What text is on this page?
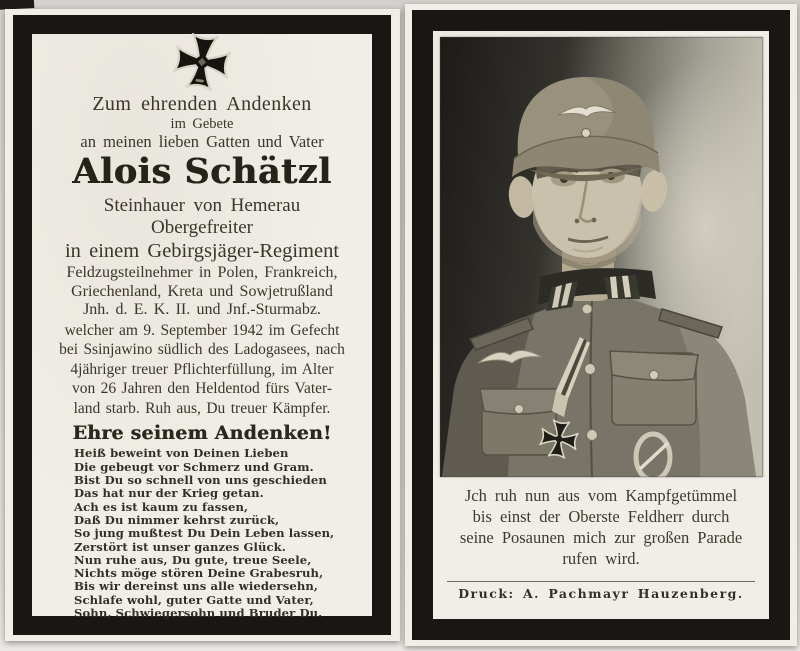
Zum ehrenden Andenken
im Gebete
an meinen lieben Gatten und Vater
Alois Schätzl
Steinhauer von Hemerau
Obergefreiter
in einem Gebirgsjäger-Regiment
Feldzugsteilnehmer in Polen, Frankreich,
Griechenland, Kreta und Sowjetrußland
Jnh. d. E. K. II. und Jnf.-Sturmabz.
welcher am 9. September 1942 im Gefecht
bei Ssinjawino südlich des Ladogasees, nach
4jähriger treuer Pflichterfüllung, im Alter
von 26 Jahren den Heldentod fürs Vater-
land starb. Ruh aus, Du treuer Kämpfer.
Ehre seinem Andenken!
Heiß beweint von Deinen Lieben
Die gebeugt vor Schmerz und Gram.
Bist Du so schnell von uns geschieden
Das hat nur der Krieg getan.
Ach es ist kaum zu fassen,
Daß Du nimmer kehrst zurück,
So jung mußtest Du Dein Leben lassen,
Zerstört ist unser ganzes Glück.
Nun ruhe aus, Du gute, treue Seele,
Nichts möge stören Deine Grabesruh,
Bis wir dereinst uns alle wiedersehn,
Schlafe wohl, guter Gatte und Vater,
Sohn, Schwiegersohn und Bruder Du.
Jch ruh nun aus vom Kampfgetümmel
bis einst der Oberste Feldherr durch
seine Posaunen mich zur großen Parade
rufen wird.
Druck: A. Pachmayr Hauzenberg.
